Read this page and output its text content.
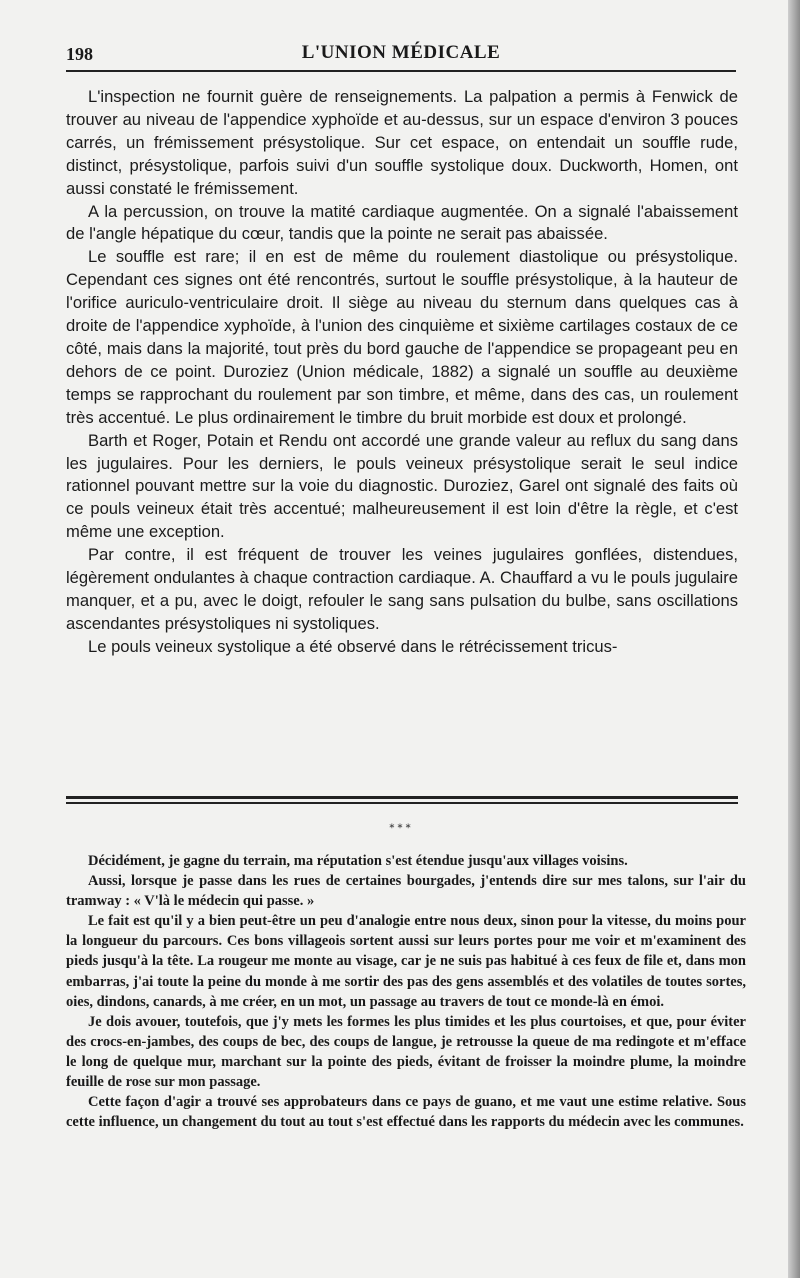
198	L'UNION MÉDICALE

L'inspection ne fournit guère de renseignements. La palpation a permis à Fenwick de trouver au niveau de l'appendice xyphoïde et au-dessus, sur un espace d'environ 3 pouces carrés, un frémissement présystolique. Sur cet espace, on entendait un souffle rude, distinct, présystolique, parfois suivi d'un souffle systolique doux. Duckworth, Homen, ont aussi constaté le frémissement.

A la percussion, on trouve la matité cardiaque augmentée. On a signalé l'abaissement de l'angle hépatique du cœur, tandis que la pointe ne serait pas abaissée.

Le souffle est rare; il en est de même du roulement diastolique ou présystolique. Cependant ces signes ont été rencontrés, surtout le souffle présystolique, à la hauteur de l'orifice auriculo-ventriculaire droit. Il siège au niveau du sternum dans quelques cas à droite de l'appendice xyphoïde, à l'union des cinquième et sixième cartilages costaux de ce côté, mais dans la majorité, tout près du bord gauche de l'appendice se propageant peu en dehors de ce point. Duroziez (Union médicale, 1882) a signalé un souffle au deuxième temps se rapprochant du roulement par son timbre, et même, dans des cas, un roulement très accentué. Le plus ordinairement le timbre du bruit morbide est doux et prolongé.

Barth et Roger, Potain et Rendu ont accordé une grande valeur au reflux du sang dans les jugulaires. Pour les derniers, le pouls veineux présystolique serait le seul indice rationnel pouvant mettre sur la voie du diagnostic. Duroziez, Garel ont signalé des faits où ce pouls veineux était très accentué; malheureusement il est loin d'être la règle, et c'est même une exception.

Par contre, il est fréquent de trouver les veines jugulaires gonflées, distendues, légèrement ondulantes à chaque contraction cardiaque. A. Chauffard a vu le pouls jugulaire manquer, et a pu, avec le doigt, refouler le sang sans pulsation du bulbe, sans oscillations ascendantes présystoliques ni systoliques.

Le pouls veineux systolique a été observé dans le rétrécissement tricus-

* * *

Décidément, je gagne du terrain, ma réputation s'est étendue jusqu'aux villages voisins.

Aussi, lorsque je passe dans les rues de certaines bourgades, j'entends dire sur mes talons, sur l'air du tramway : « V'là le médecin qui passe. »

Le fait est qu'il y a bien peut-être un peu d'analogie entre nous deux, sinon pour la vitesse, du moins pour la longueur du parcours. Ces bons villageois sortent aussi sur leurs portes pour me voir et m'examinent des pieds jusqu'à la tête. La rougeur me monte au visage, car je ne suis pas habitué à ces feux de file et, dans mon embarras, j'ai toute la peine du monde à me sortir des pas des gens assemblés et des volatiles de toutes sortes, oies, dindons, canards, à me créer, en un mot, un passage au travers de tout ce monde-là en émoi.

Je dois avouer, toutefois, que j'y mets les formes les plus timides et les plus courtoises, et que, pour éviter des crocs-en-jambes, des coups de bec, des coups de langue, je retrousse la queue de ma redingote et m'efface le long de quelque mur, marchant sur la pointe des pieds, évitant de froisser la moindre plume, la moindre feuille de rose sur mon passage.

Cette façon d'agir a trouvé ses approbateurs dans ce pays de guano, et me vaut une estime relative. Sous cette influence, un changement du tout au tout s'est effectué dans les rapports du médecin avec les communes.
